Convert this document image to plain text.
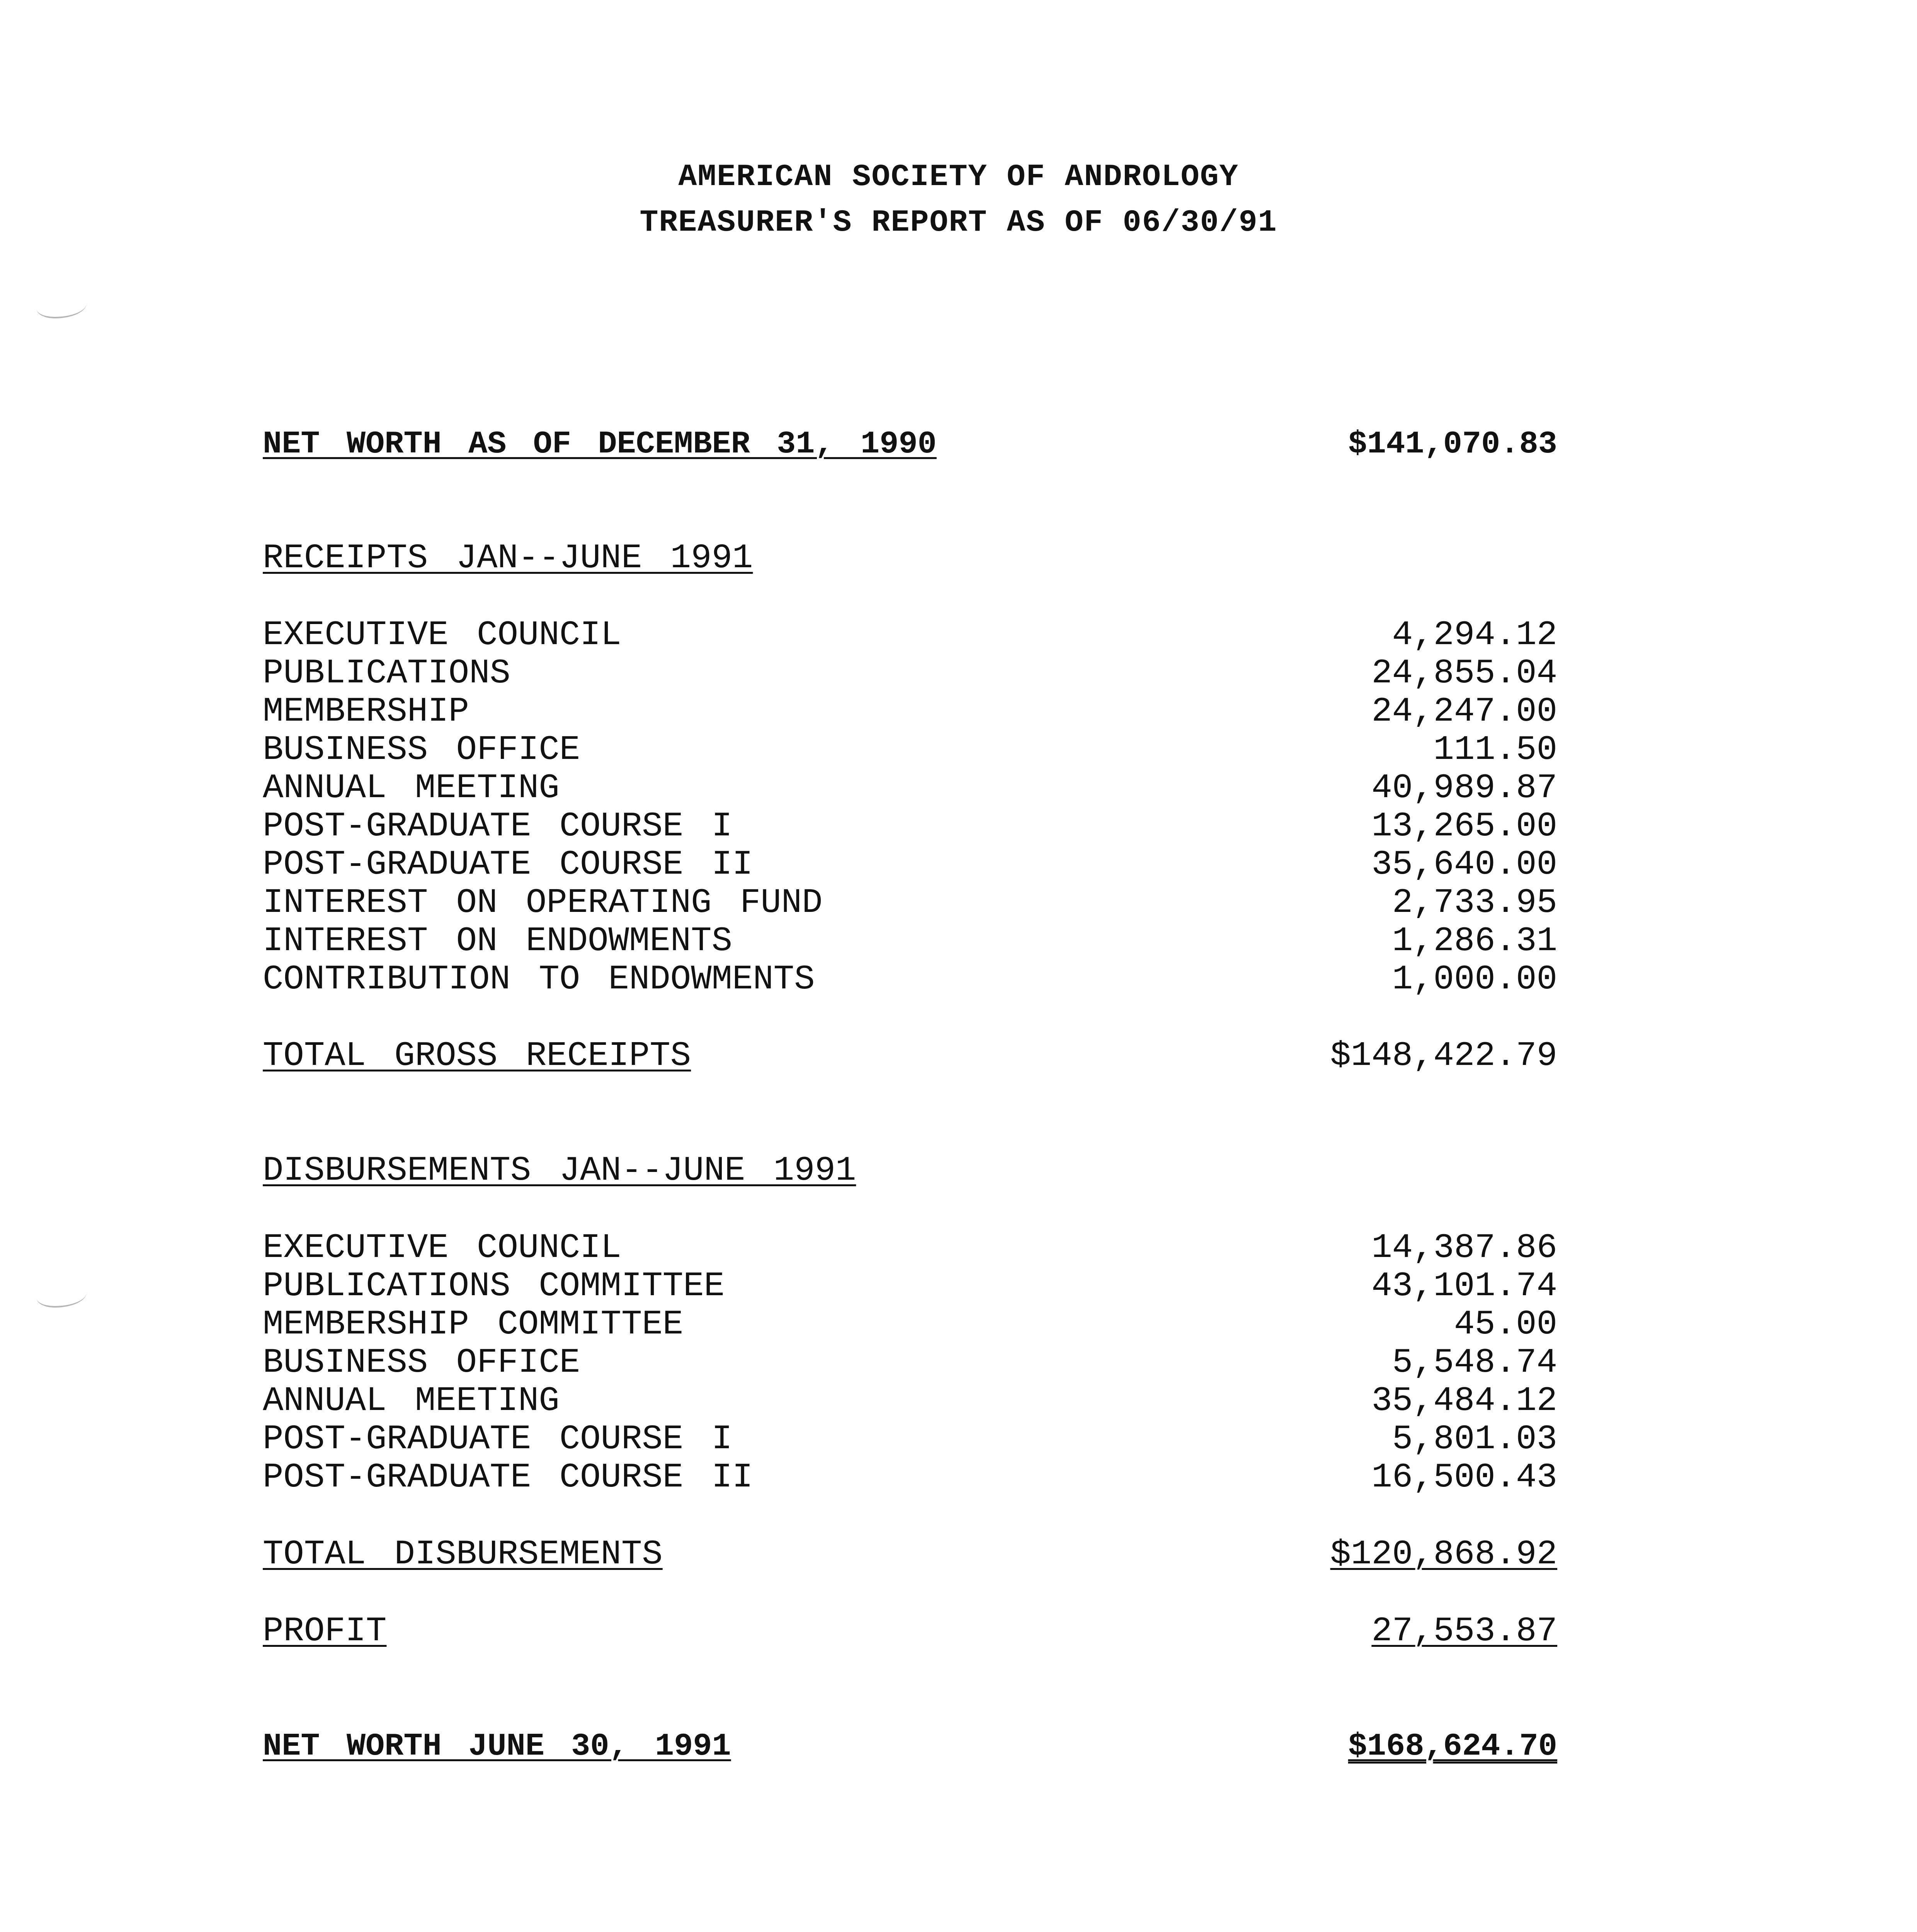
AMERICAN SOCIETY OF ANDROLOGY
TREASURER'S REPORT AS OF 06/30/91
NET WORTH AS OF DECEMBER 31, 1990	$141,070.83
RECEIPTS JAN--JUNE 1991
EXECUTIVE COUNCIL	4,294.12
PUBLICATIONS	24,855.04
MEMBERSHIP	24,247.00
BUSINESS OFFICE	111.50
ANNUAL MEETING	40,989.87
POST-GRADUATE COURSE I	13,265.00
POST-GRADUATE COURSE II	35,640.00
INTEREST ON OPERATING FUND	2,733.95
INTEREST ON ENDOWMENTS	1,286.31
CONTRIBUTION TO ENDOWMENTS	1,000.00
TOTAL GROSS RECEIPTS	$148,422.79
DISBURSEMENTS JAN--JUNE 1991
EXECUTIVE COUNCIL	14,387.86
PUBLICATIONS COMMITTEE	43,101.74
MEMBERSHIP COMMITTEE	45.00
BUSINESS OFFICE	5,548.74
ANNUAL MEETING	35,484.12
POST-GRADUATE COURSE I	5,801.03
POST-GRADUATE COURSE II	16,500.43
TOTAL DISBURSEMENTS	$120,868.92
PROFIT	27,553.87
NET WORTH JUNE 30, 1991	$168,624.70
